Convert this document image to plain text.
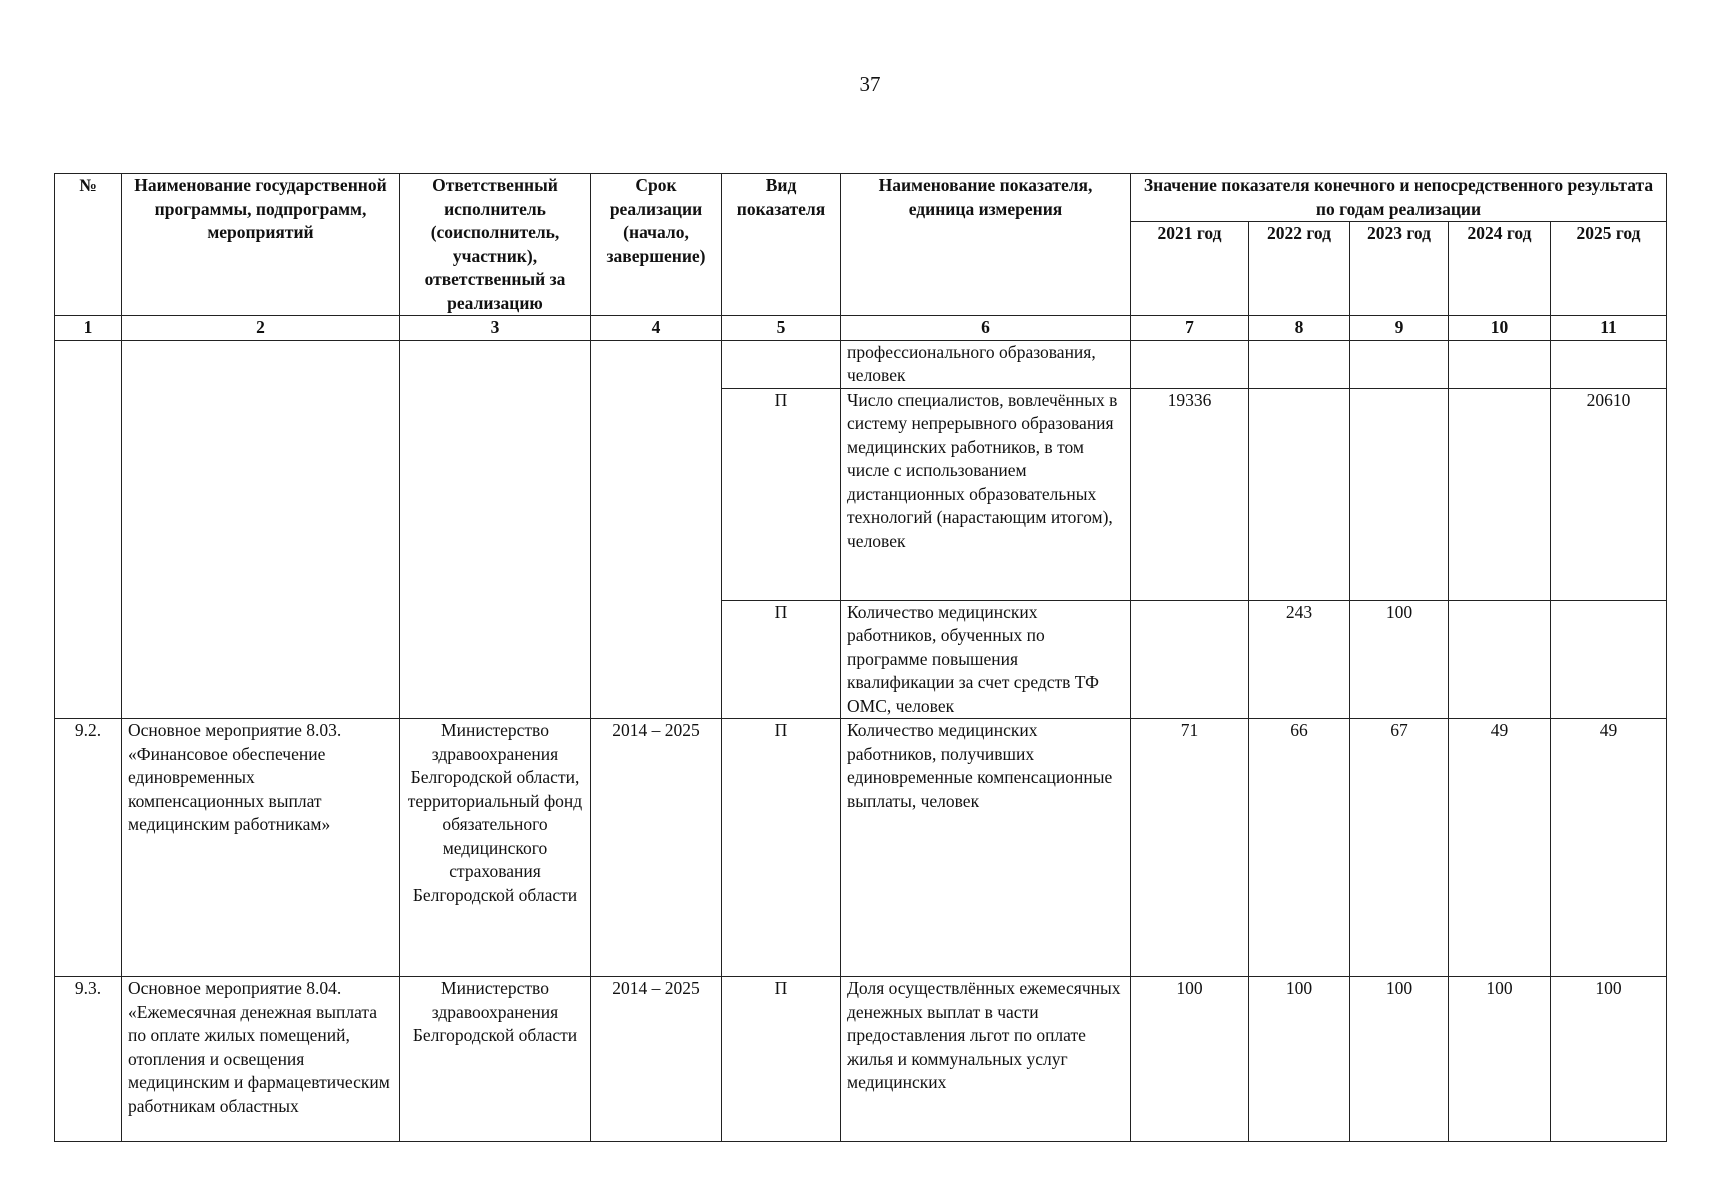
37
№	Наименование государственной программы, подпрограмм, мероприятий	Ответственный исполнитель (соисполнитель, участник), ответственный за реализацию	Срок реализации (начало, завершение)	Вид показателя	Наименование показателя, единица измерения	Значение показателя конечного и непосредственного результата по годам реализации				
						2021 год	2022 год	2023 год	2024 год	2025 год
1	2	3	4	5	6	7	8	9	10	11
					профессионального образования, человек					
				П	Число специалистов, вовлечённых в систему непрерывного образования медицинских работников, в том числе с использованием дистанционных образовательных технологий (нарастающим итогом), человек	19336				20610
				П	Количество медицинских работников, обученных по программе повышения квалификации за счет средств ТФ ОМС, человек		243	100		
9.2.	Основное мероприятие 8.03. «Финансовое обеспечение единовременных компенсационных выплат медицинским работникам»	Министерство здравоохранения Белгородской области, территориальный фонд обязательного медицинского страхования Белгородской области	2014 – 2025	П	Количество медицинских работников, получивших единовременные компенсационные выплаты, человек	71	66	67	49	49
9.3.	Основное мероприятие 8.04. «Ежемесячная денежная выплата по оплате жилых помещений, отопления и освещения медицинским и фармацевтическим работникам областных	Министерство здравоохранения Белгородской области	2014 – 2025	П	Доля осуществлённых ежемесячных денежных выплат в части предоставления льгот по оплате жилья и коммунальных услуг медицинских	100	100	100	100	100
